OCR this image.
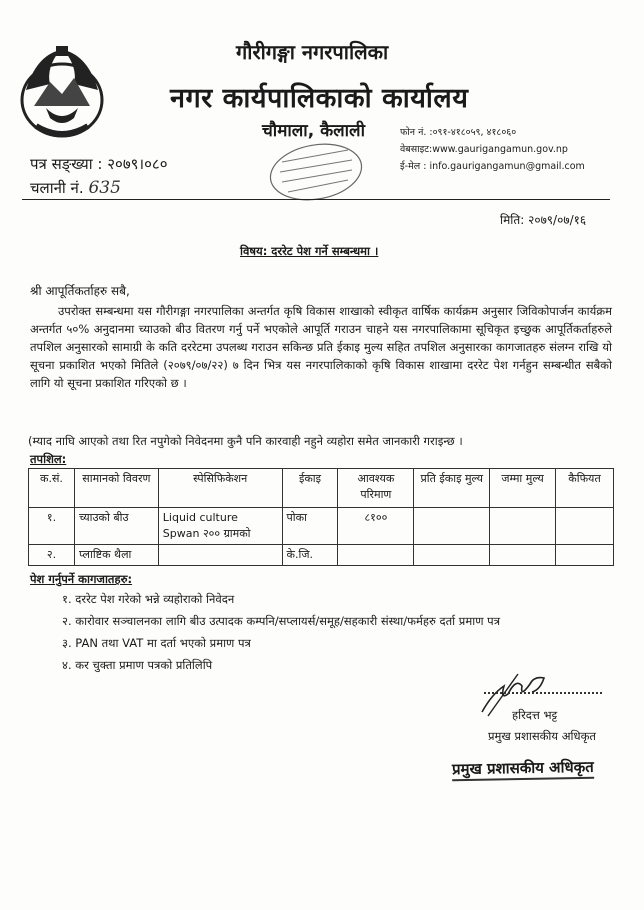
गौरीगङ्गा नगरपालिका
नगर कार्यपालिकाको कार्यालय
चौमाला, कैलाली	फोन नं. :०९१-४१८०५९, ४१८०६०
वेबसाइट:www.gaurigangamun.gov.np
ई-मेल : info.gaurigangamun@gmail.com
पत्र सङ्ख्या : २०७९।०८०
चलानी नं. 635
मिति: २०७९/०७/१६
विषय: दररेट पेश गर्ने सम्बन्धमा ।
श्री आपूर्तिकर्ताहरु सबै,

उपरोक्त सम्बन्धमा यस गौरीगङ्गा नगरपालिका अन्तर्गत कृषि विकास शाखाको स्वीकृत वार्षिक कार्यक्रम अनुसार जिविकोपार्जन कार्यक्रम अन्तर्गत ५०% अनुदानमा च्याउको बीउ वितरण गर्नु पर्ने भएकोले आपूर्ति गराउन चाहने यस नगरपालिकामा सूचिकृत इच्छुक आपूर्तिकर्ताहरुले तपशिल अनुसारको सामाग्री के कति दररेटमा उपलब्ध गराउन सकिन्छ प्रति ईकाइ मुल्य सहित तपशिल अनुसारका कागजातहरु संलग्न राखि यो सूचना प्रकाशित भएको मितिले (२०७९/०७/२२) ७ दिन भित्र यस नगरपालिकाको कृषि विकास शाखामा दररेट पेश गर्नहुन सम्बन्धीत सबैको लागि यो सूचना प्रकाशित गरिएको छ ।

(म्याद नाघि आएको तथा रित नपुगेको निवेदनमा कुनै पनि कारवाही नहुने व्यहोरा समेत जानकारी गराइन्छ ।
तपशिल:
क.सं.	सामानको विवरण	स्पेसिफिकेशन	ईकाइ	आवश्यक परिमाण	प्रति ईकाइ मुल्य	जम्मा मुल्य	कैफियत
१.	च्याउको बीउ	Liquid culture Spwan २०० ग्रामको	पोका	८१००			
२.	प्लाष्टिक थैला		के.जि.				
पेश गर्नुपर्ने कागजातहरु:
१. दररेट पेश गरेको भन्ने व्यहोराको निवेदन
२. कारोवार सञ्चालनका लागि बीउ उत्पादक कम्पनि/सप्लायर्स/समूह/सहकारी संस्था/फर्महरु दर्ता प्रमाण पत्र
३. PAN तथा VAT मा दर्ता भएको प्रमाण पत्र
४. कर चुक्ता प्रमाण पत्रको प्रतिलिपि
हरिदत्त भट्ट
प्रमुख प्रशासकीय अधिकृत
प्रमुख प्रशासकीय अधिकृत
